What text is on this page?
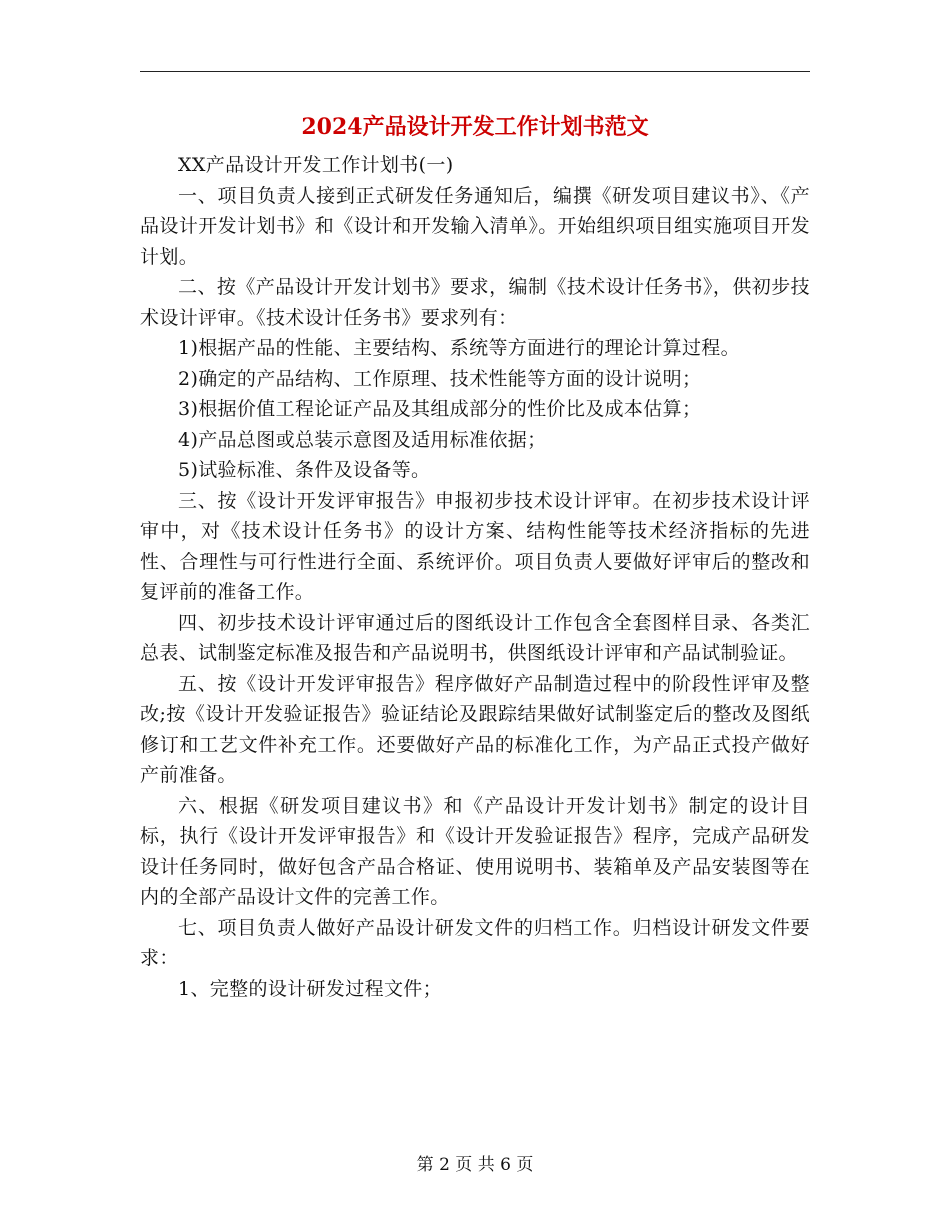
2024产品设计开发工作计划书范文

XX产品设计开发工作计划书(一)

一、项目负责人接到正式研发任务通知后，编撰《研发项目建议书》、《产品设计开发计划书》和《设计和开发输入清单》。开始组织项目组实施项目开发计划。

二、按《产品设计开发计划书》要求，编制《技术设计任务书》，供初步技术设计评审。《技术设计任务书》要求列有：

1)根据产品的性能、主要结构、系统等方面进行的理论计算过程。

2)确定的产品结构、工作原理、技术性能等方面的设计说明；

3)根据价值工程论证产品及其组成部分的性价比及成本估算；

4)产品总图或总装示意图及适用标准依据；

5)试验标准、条件及设备等。

三、按《设计开发评审报告》申报初步技术设计评审。在初步技术设计评审中，对《技术设计任务书》的设计方案、结构性能等技术经济指标的先进性、合理性与可行性进行全面、系统评价。项目负责人要做好评审后的整改和复评前的准备工作。

四、初步技术设计评审通过后的图纸设计工作包含全套图样目录、各类汇总表、试制鉴定标准及报告和产品说明书，供图纸设计评审和产品试制验证。

五、按《设计开发评审报告》程序做好产品制造过程中的阶段性评审及整改;按《设计开发验证报告》验证结论及跟踪结果做好试制鉴定后的整改及图纸修订和工艺文件补充工作。还要做好产品的标准化工作，为产品正式投产做好产前准备。

六、根据《研发项目建议书》和《产品设计开发计划书》制定的设计目标，执行《设计开发评审报告》和《设计开发验证报告》程序，完成产品研发设计任务同时，做好包含产品合格证、使用说明书、装箱单及产品安装图等在内的全部产品设计文件的完善工作。

七、项目负责人做好产品设计研发文件的归档工作。归档设计研发文件要求：

1、完整的设计研发过程文件；

第 2 页 共 6 页
